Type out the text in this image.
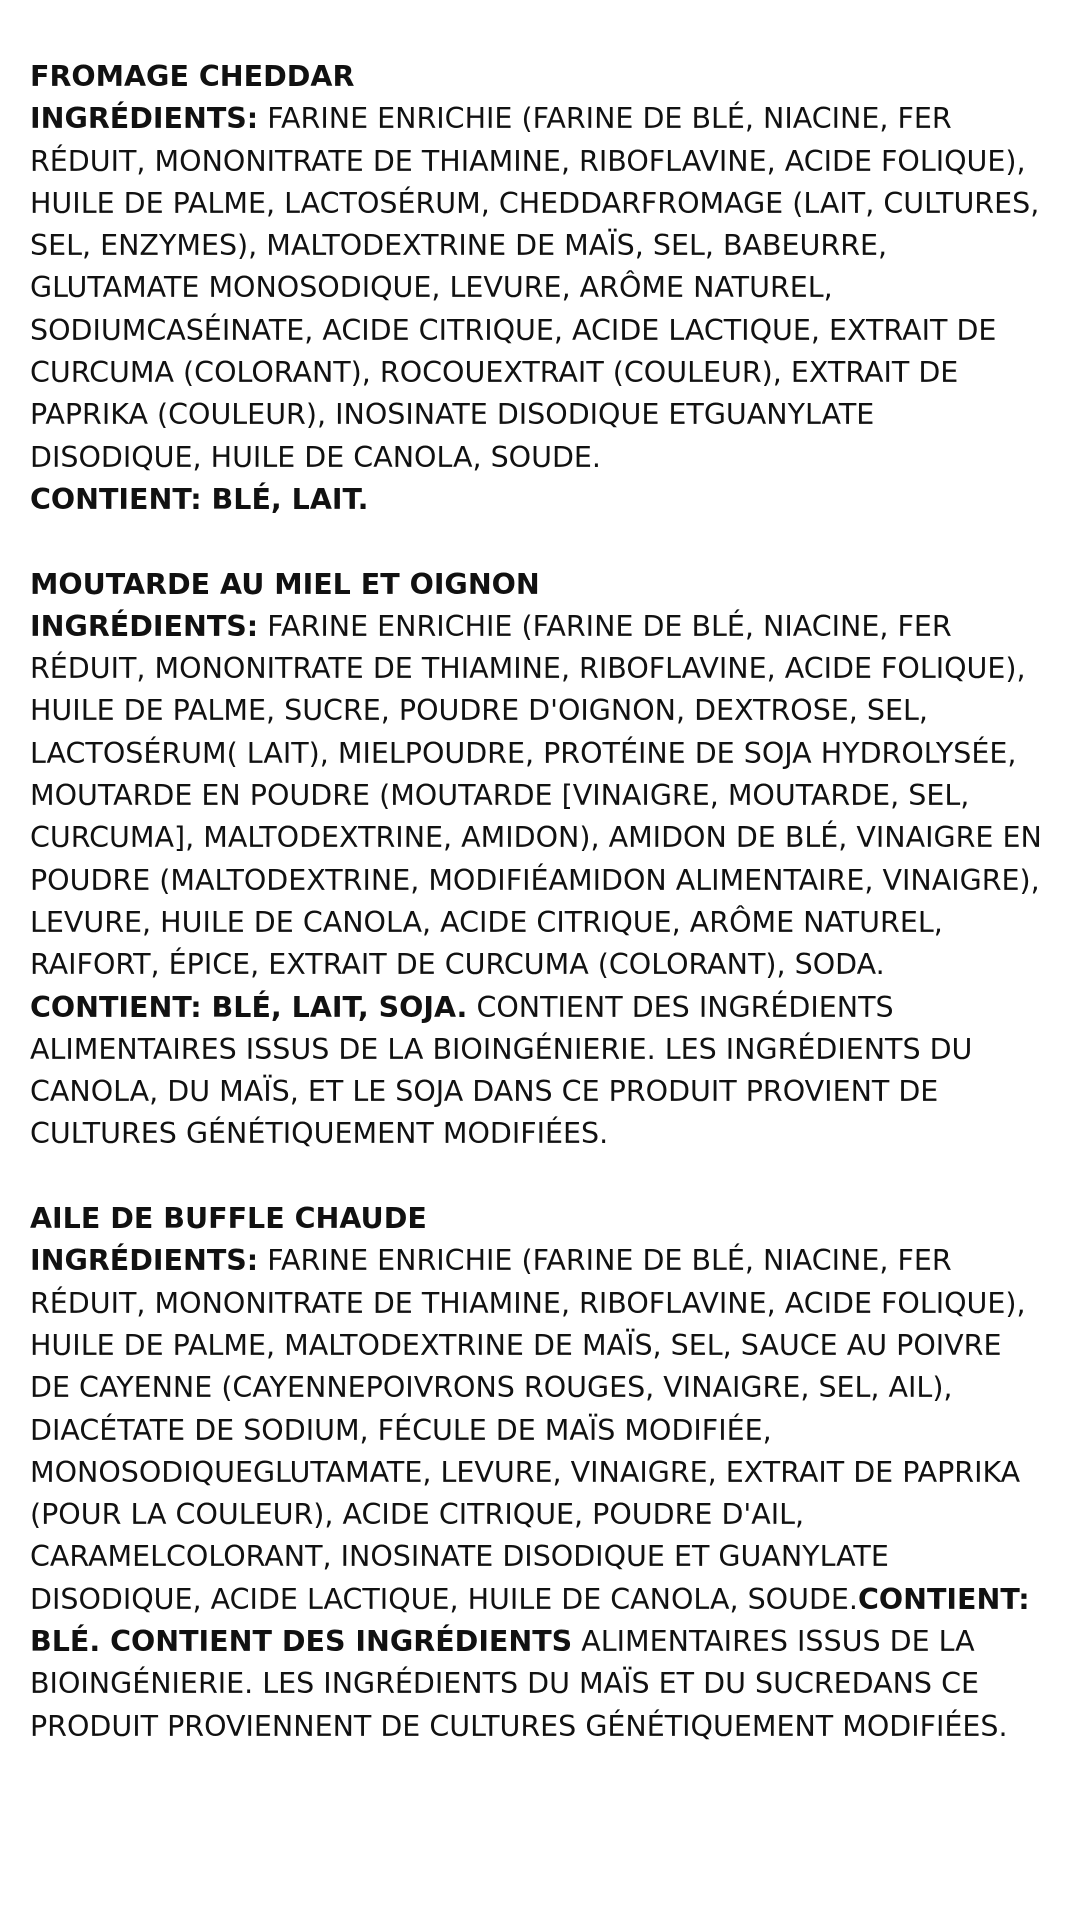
FROMAGE CHEDDAR

INGRÉDIENTS: FARINE ENRICHIE (FARINE DE BLÉ, NIACINE, FER RÉDUIT, MONONITRATE DE THIAMINE, RIBOFLAVINE, ACIDE FOLIQUE), HUILE DE PALME, LACTOSÉRUM, CHEDDARFROMAGE (LAIT, CULTURES, SEL, ENZYMES), MALTODEXTRINE DE MAÏS, SEL, BABEURRE, GLUTAMATE MONOSODIQUE, LEVURE, ARÔME NATUREL, SODIUMCASÉINATE, ACIDE CITRIQUE, ACIDE LACTIQUE, EXTRAIT DE CURCUMA (COLORANT), ROCOUEXTRAIT (COULEUR), EXTRAIT DE PAPRIKA (COULEUR), INOSINATE DISODIQUE ETGUANYLATE DISODIQUE, HUILE DE CANOLA, SOUDE.

CONTIENT: BLÉ, LAIT.

MOUTARDE AU MIEL ET OIGNON

INGRÉDIENTS: FARINE ENRICHIE (FARINE DE BLÉ, NIACINE, FER RÉDUIT, MONONITRATE DE THIAMINE, RIBOFLAVINE, ACIDE FOLIQUE), HUILE DE PALME, SUCRE, POUDRE D'OIGNON, DEXTROSE, SEL, LACTOSÉRUM( LAIT), MIELPOUDRE, PROTÉINE DE SOJA HYDROLYSÉE, MOUTARDE EN POUDRE (MOUTARDE [VINAIGRE, MOUTARDE, SEL, CURCUMA], MALTODEXTRINE, AMIDON), AMIDON DE BLÉ, VINAIGRE EN POUDRE (MALTODEXTRINE, MODIFIÉAMIDON ALIMENTAIRE, VINAIGRE), LEVURE, HUILE DE CANOLA, ACIDE CITRIQUE, ARÔME NATUREL, RAIFORT, ÉPICE, EXTRAIT DE CURCUMA (COLORANT), SODA.

CONTIENT: BLÉ, LAIT, SOJA. CONTIENT DES INGRÉDIENTS ALIMENTAIRES ISSUS DE LA BIOINGÉNIERIE. LES INGRÉDIENTS DU CANOLA, DU MAÏS, ET LE SOJA DANS CE PRODUIT PROVIENT DE CULTURES GÉNÉTIQUEMENT MODIFIÉES.

AILE DE BUFFLE CHAUDE

INGRÉDIENTS: FARINE ENRICHIE (FARINE DE BLÉ, NIACINE, FER RÉDUIT, MONONITRATE DE THIAMINE, RIBOFLAVINE, ACIDE FOLIQUE), HUILE DE PALME, MALTODEXTRINE DE MAÏS, SEL, SAUCE AU POIVRE DE CAYENNE (CAYENNEPOIVRONS ROUGES, VINAIGRE, SEL, AIL), DIACÉTATE DE SODIUM, FÉCULE DE MAÏS MODIFIÉE, MONOSODIQUEGLUTAMATE, LEVURE, VINAIGRE, EXTRAIT DE PAPRIKA (POUR LA COULEUR), ACIDE CITRIQUE, POUDRE D'AIL, CARAMELCOLORANT, INOSINATE DISODIQUE ET GUANYLATE DISODIQUE, ACIDE LACTIQUE, HUILE DE CANOLA, SOUDE.CONTIENT: BLÉ. CONTIENT DES INGRÉDIENTS ALIMENTAIRES ISSUS DE LA BIOINGÉNIERIE. LES INGRÉDIENTS DU MAÏS ET DU SUCREDANS CE PRODUIT PROVIENNENT DE CULTURES GÉNÉTIQUEMENT MODIFIÉES.
